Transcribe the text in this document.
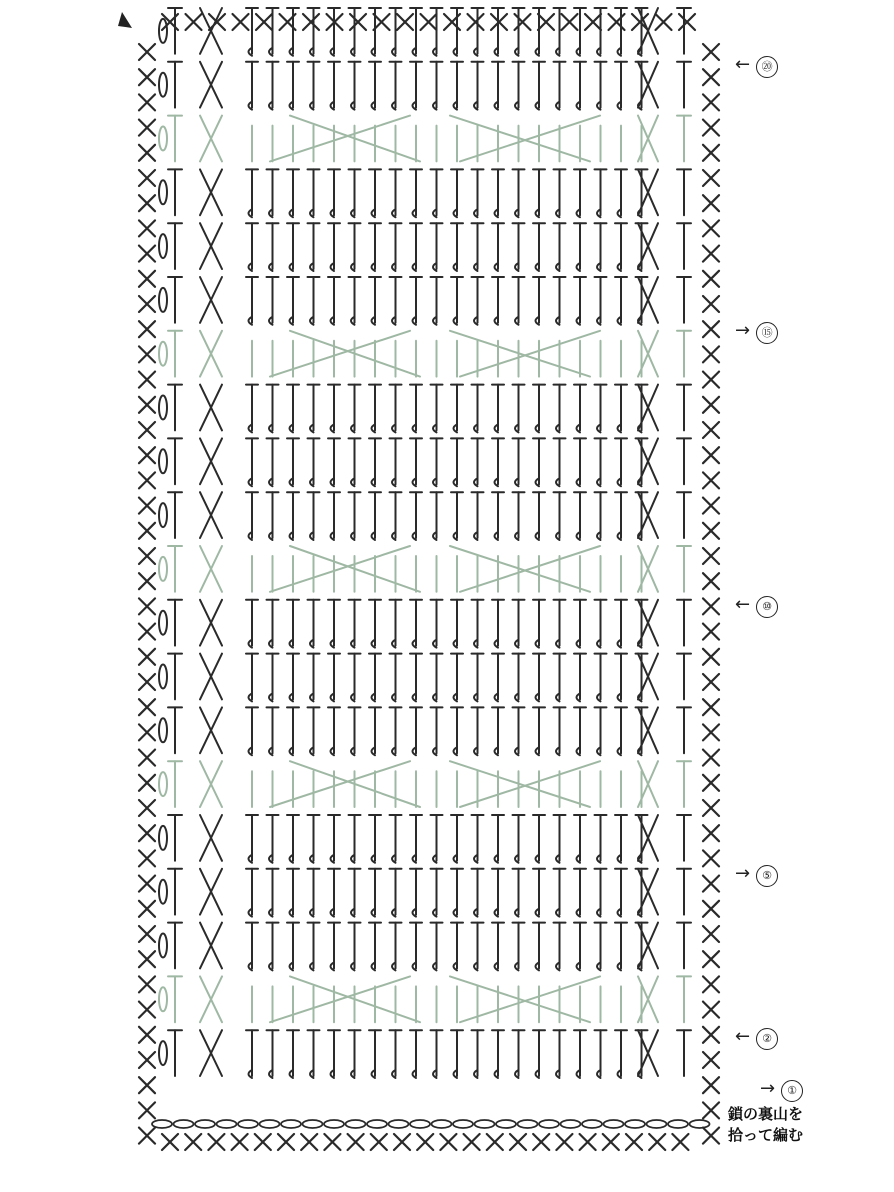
← ⑳
→ ⑮
← ⑩
→ ⑤
← ②
→ ①
鎖の裏山を
拾って編む
